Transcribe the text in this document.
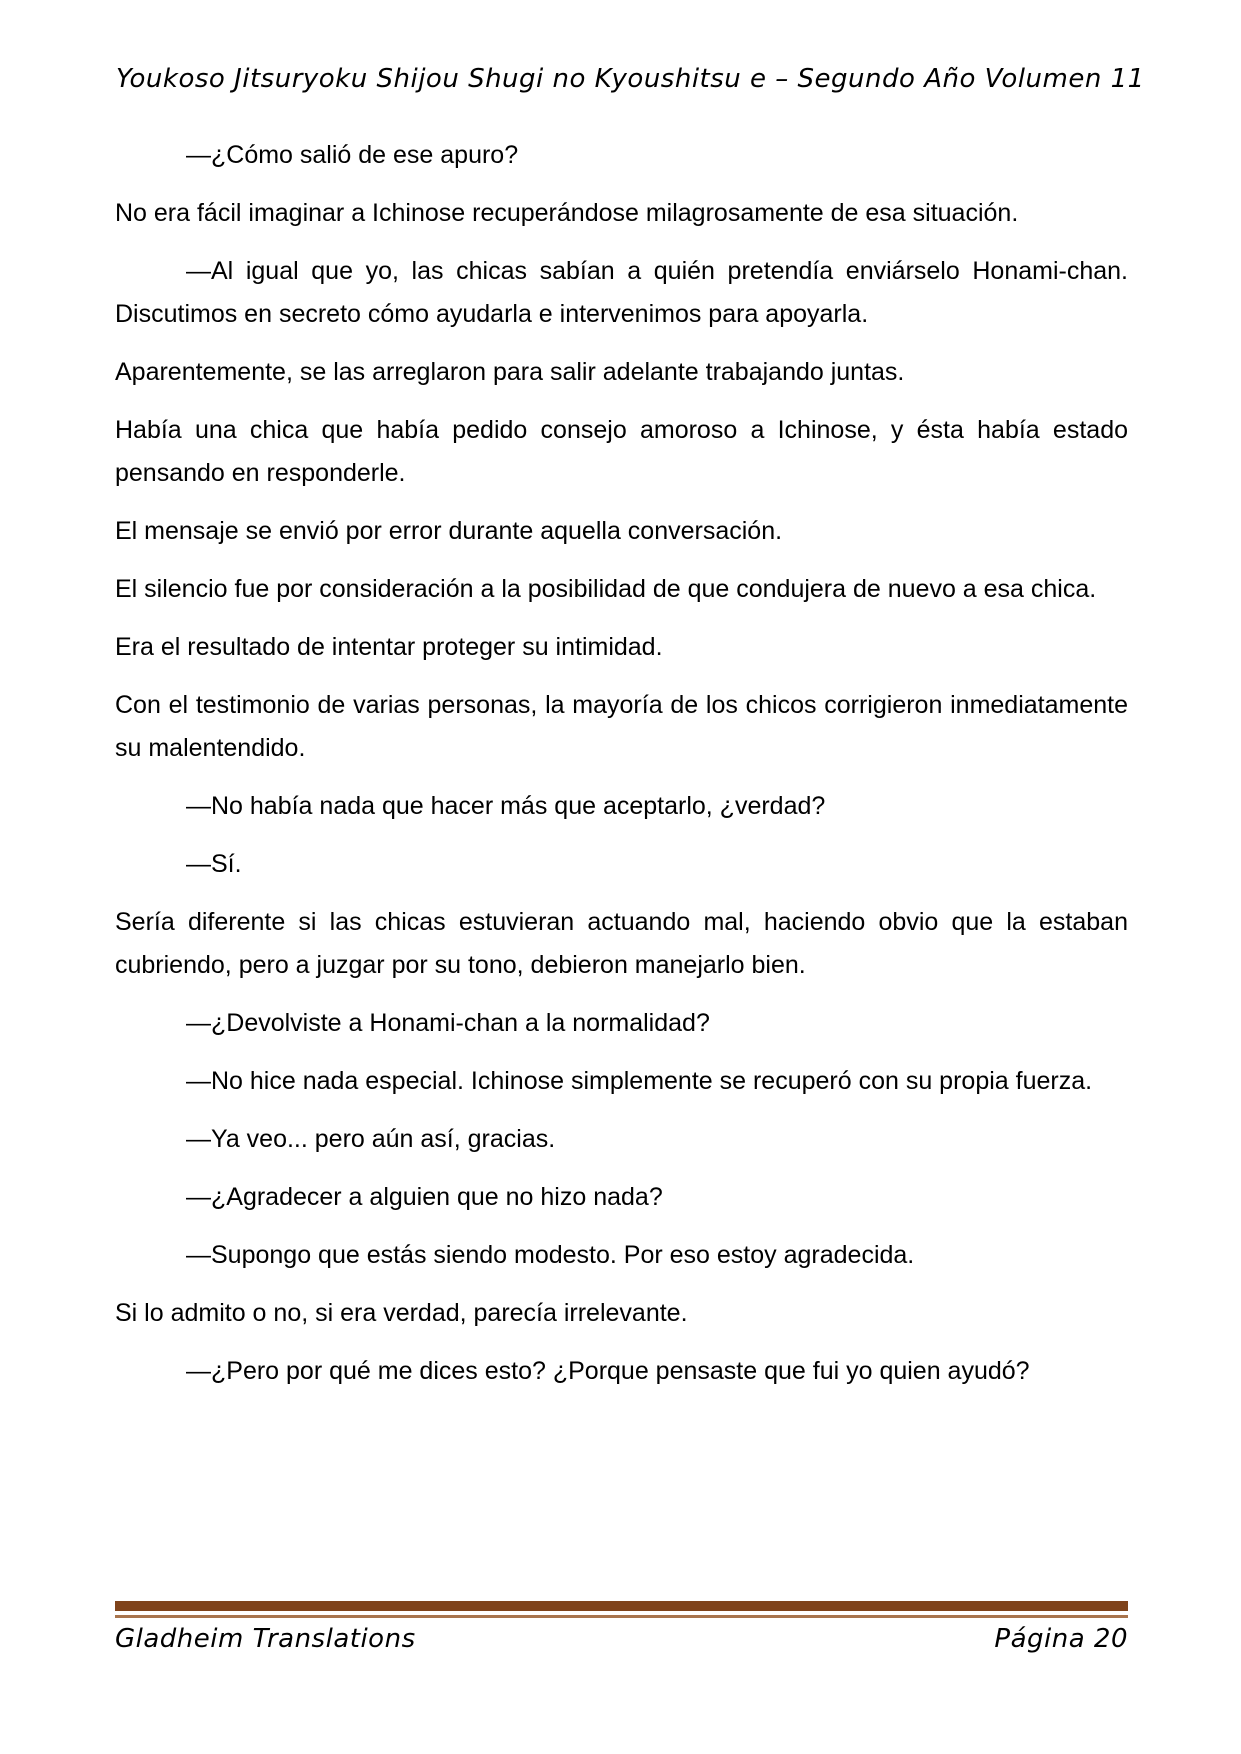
Youkoso Jitsuryoku Shijou Shugi no Kyoushitsu e – Segundo Año Volumen 11

—¿Cómo salió de ese apuro?

No era fácil imaginar a Ichinose recuperándose milagrosamente de esa situación.

—Al igual que yo, las chicas sabían a quién pretendía enviárselo Honami-chan. Discutimos en secreto cómo ayudarla e intervenimos para apoyarla.

Aparentemente, se las arreglaron para salir adelante trabajando juntas.

Había una chica que había pedido consejo amoroso a Ichinose, y ésta había estado pensando en responderle.

El mensaje se envió por error durante aquella conversación.

El silencio fue por consideración a la posibilidad de que condujera de nuevo a esa chica.

Era el resultado de intentar proteger su intimidad.

Con el testimonio de varias personas, la mayoría de los chicos corrigieron inmediatamente su malentendido.

—No había nada que hacer más que aceptarlo, ¿verdad?

—Sí.

Sería diferente si las chicas estuvieran actuando mal, haciendo obvio que la estaban cubriendo, pero a juzgar por su tono, debieron manejarlo bien.

—¿Devolviste a Honami-chan a la normalidad?

—No hice nada especial. Ichinose simplemente se recuperó con su propia fuerza.

—Ya veo... pero aún así, gracias.

—¿Agradecer a alguien que no hizo nada?

—Supongo que estás siendo modesto. Por eso estoy agradecida.

Si lo admito o no, si era verdad, parecía irrelevante.

—¿Pero por qué me dices esto? ¿Porque pensaste que fui yo quien ayudó?

Gladheim Translations	Página 20
